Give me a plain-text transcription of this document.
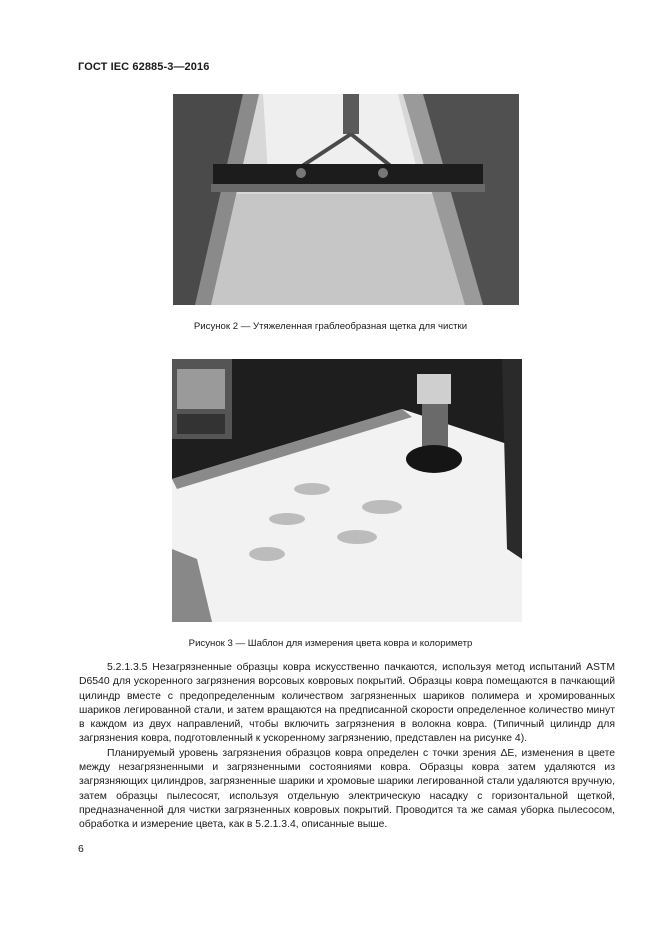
ГОСТ IEC 62885-3—2016
Рисунок 2 — Утяжеленная граблеобразная щетка для чистки
Рисунок 3 — Шаблон для измерения цвета ковра и колориметр

5.2.1.3.5 Незагрязненные образцы ковра искусственно пачкаются, используя метод испытаний ASTM D6540 для ускоренного загрязнения ворсовых ковровых покрытий. Образцы ковра помещаются в пачкающий цилиндр вместе с предопределенным количеством загрязненных шариков полимера и хромированных шариков легированной стали, и затем вращаются на предписанной скорости определенное количество минут в каждом из двух направлений, чтобы включить загрязнения в волокна ковра. (Типичный цилиндр для загрязнения ковра, подготовленный к ускоренному загрязнению, представлен на рисунке 4).

Планируемый уровень загрязнения образцов ковра определен с точки зрения ΔE, изменения в цвете между незагрязненными и загрязненными состояниями ковра. Образцы ковра затем удаляются из загрязняющих цилиндров, загрязненные шарики и хромовые шарики легированной стали удаляются вручную, затем образцы пылесосят, используя отдельную электрическую насадку с горизонтальной щеткой, предназначенной для чистки загрязненных ковровых покрытий. Проводится та же самая уборка пылесосом, обработка и измерение цвета, как в 5.2.1.3.4, описанные выше.

6
